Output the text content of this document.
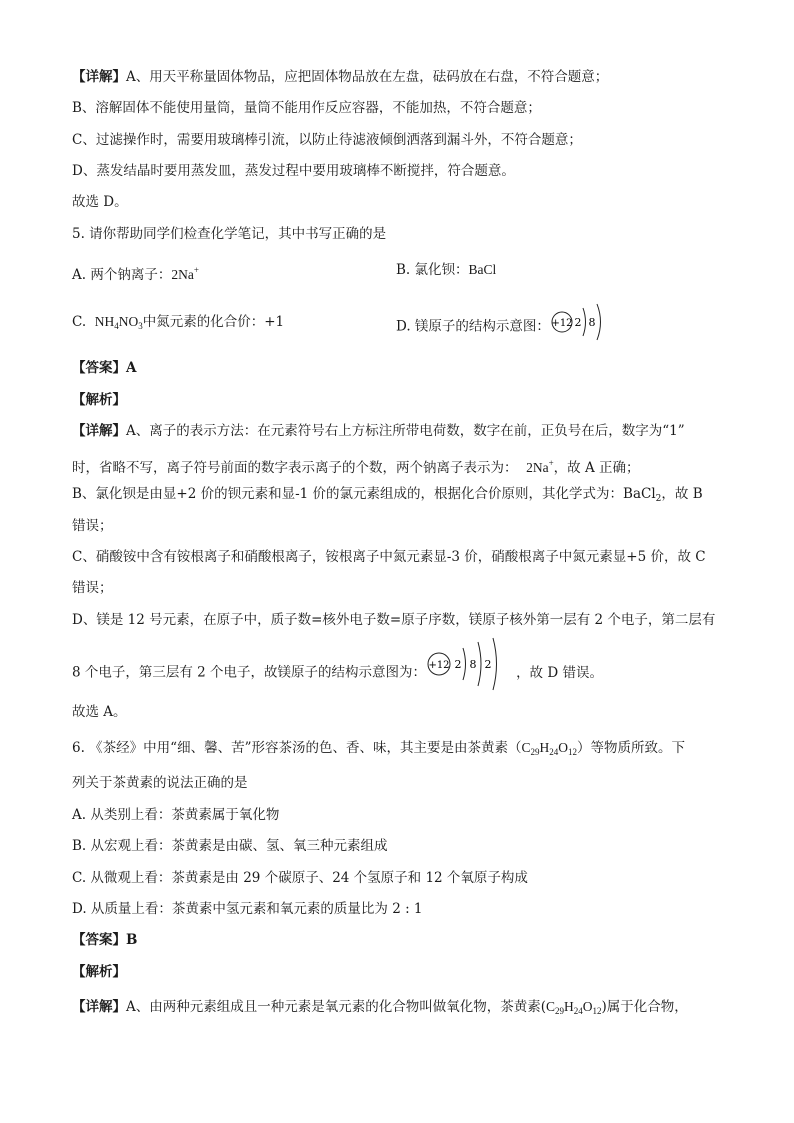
【详解】A、用天平称量固体物品，应把固体物品放在左盘，砝码放在右盘，不符合题意；
B、溶解固体不能使用量筒，量筒不能用作反应容器，不能加热，不符合题意；
C、过滤操作时，需要用玻璃棒引流，以防止待滤液倾倒洒落到漏斗外，不符合题意；
D、蒸发结晶时要用蒸发皿，蒸发过程中要用玻璃棒不断搅拌，符合题意。
故选 D。
5. 请你帮助同学们检查化学笔记，其中书写正确的是
A. 两个钠离子：2Na+	B. 氯化钡：BaCl
C. $NH_4NO_3$中氮元素的化合价：+1	D. 镁原子的结构示意图： +12 2 8
【答案】A
【解析】
【详解】A、离子的表示方法：在元素符号右上方标注所带电荷数，数字在前，正负号在后，数字为“1”
时，省略不写，离子符号前面的数字表示离子的个数，两个钠离子表示为： 2Na+，故 A 正确；
B、氯化钡是由显+2 价的钡元素和显-1 价的氯元素组成的，根据化合价原则，其化学式为：BaCl$_2$，故 B
错误；
C、硝酸铵中含有铵根离子和硝酸根离子，铵根离子中氮元素显-3 价，硝酸根离子中氮元素显+5 价，故 C
错误；
D、镁是 12 号元素，在原子中，质子数=核外电子数=原子序数，镁原子核外第一层有 2 个电子，第二层有
8 个电子，第三层有 2 个电子，故镁原子的结构示意图为： +12 2 8 2 ，故 D 错误。
故选 A。
6. 《茶经》中用“细、馨、苦”形容茶汤的色、香、味，其主要是由茶黄素$(C_{29}H_{24}O_{12})$等物质所致。下
列关于茶黄素的说法正确的是
A. 从类别上看：茶黄素属于氧化物
B. 从宏观上看：茶黄素是由碳、氢、氧三种元素组成
C. 从微观上看：茶黄素是由 29 个碳原子、24 个氢原子和 12 个氧原子构成
D. 从质量上看：茶黄素中氢元素和氧元素的质量比为 2 : 1
【答案】B
【解析】
【详解】A、由两种元素组成且一种元素是氧元素的化合物叫做氧化物，茶黄素$(C_{29}H_{24}O_{12})$属于化合物，
